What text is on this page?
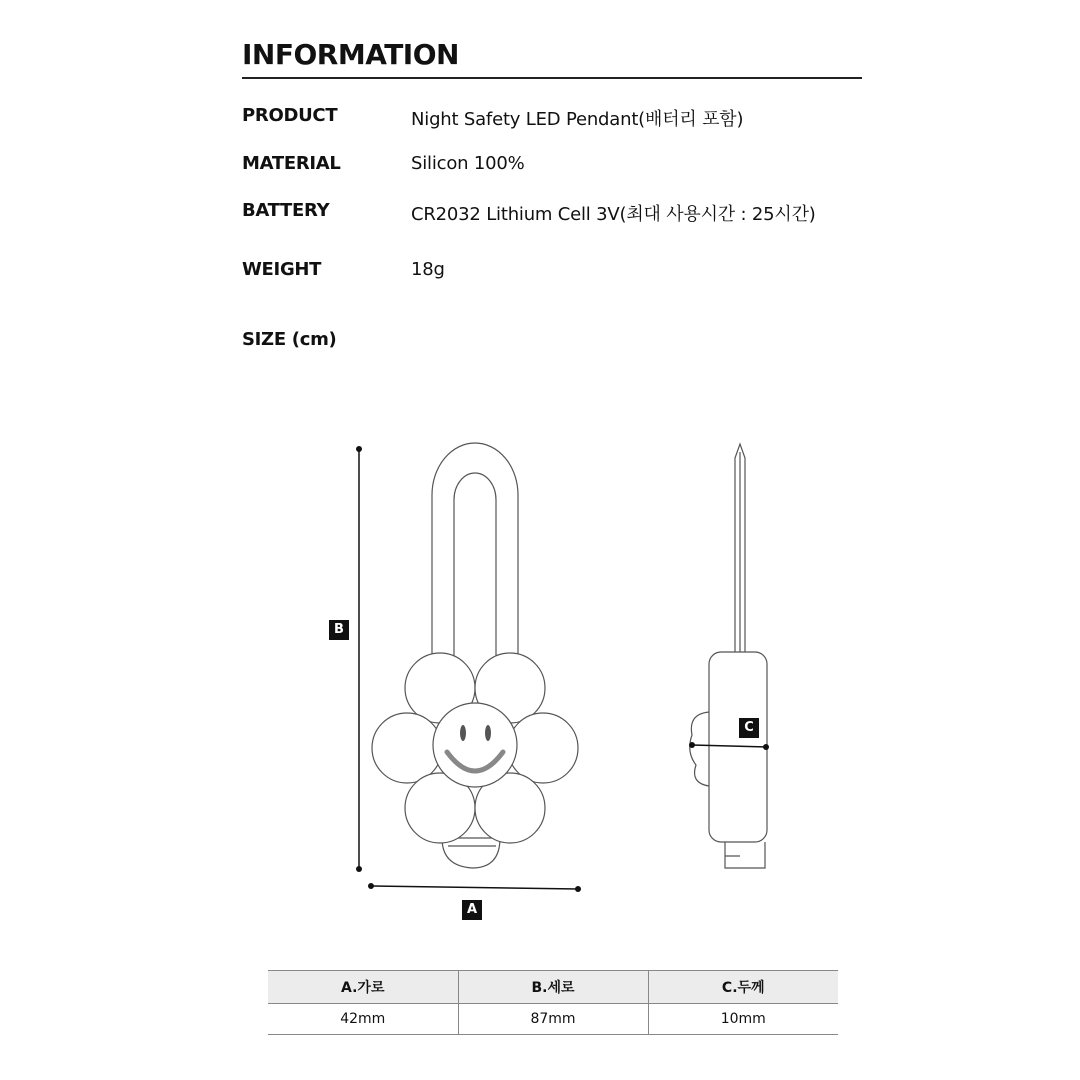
INFORMATION
PRODUCT	Night Safety LED Pendant(배터리 포함)
MATERIAL	Silicon 100%
BATTERY	CR2032 Lithium Cell 3V(최대 사용시간 : 25시간)
WEIGHT	18g
SIZE (cm)
B
A
C
A.가로	B.세로	C.두께
42mm	87mm	10mm
